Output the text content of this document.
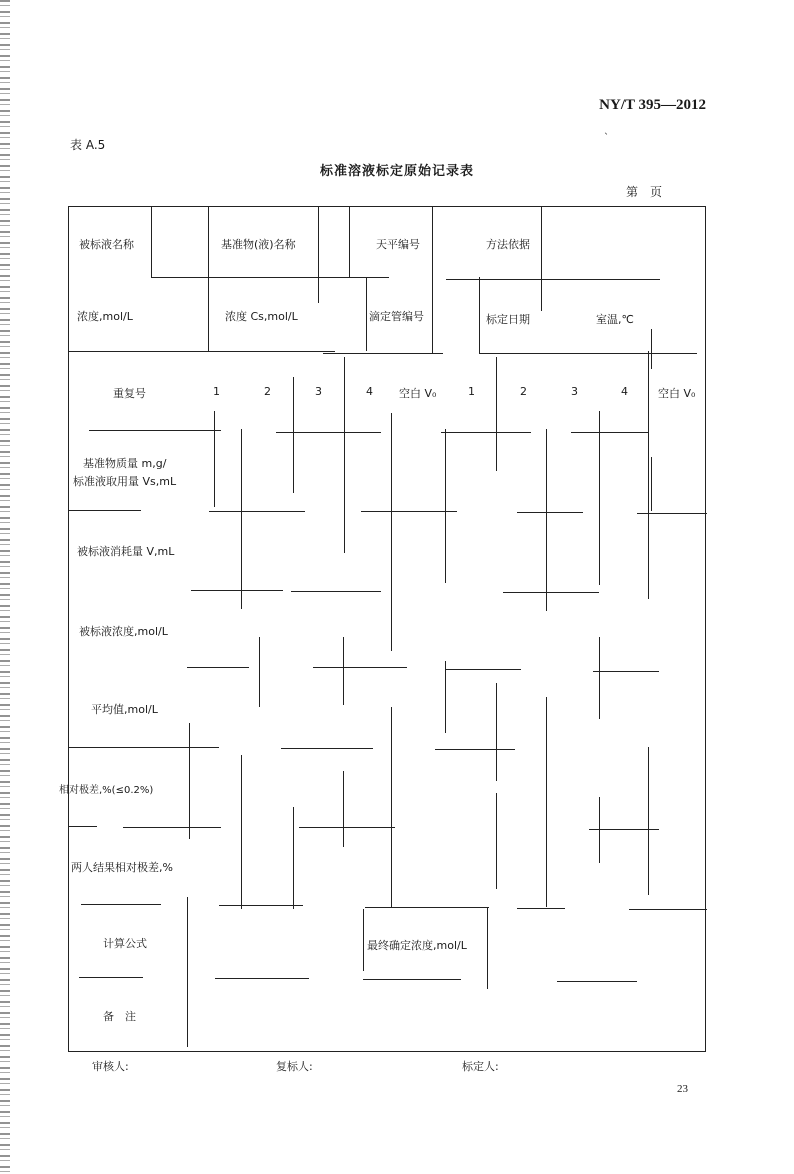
NY/T 395—2012
ˎ
表 A.5
标准溶液标定原始记录表
第　页
被标液名称	基准物(液)名称	天平编号	方法依据
浓度,mol/L	浓度 Cs,mol/L	滴定管编号	标定日期	室温,℃
重复号	1	2	3	4 空白 V₀	1	2	3	4	空白 V₀
基准物质量 m,g/
标准液取用量 Vs,mL
被标液消耗量 V,mL
被标液浓度,mol/L
平均值,mol/L
相对极差,%(≤0.2%)
两人结果相对极差,%
计算公式	最终确定浓度,mol/L
备　注
审核人:	复标人:	标定人:
23
